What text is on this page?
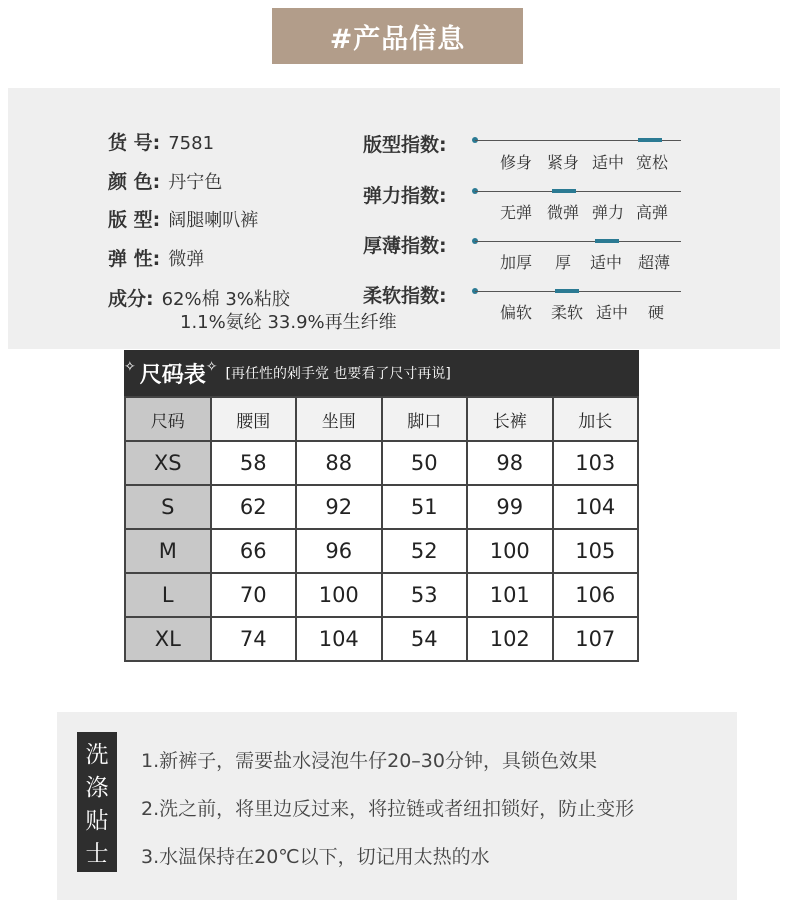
#产品信息
货 号: 7581
颜 色: 丹宁色
版 型: 阔腿喇叭裤
弹 性: 微弹
成分: 62%棉 3%粘胶
1.1%氨纶 33.9%再生纤维
版型指数:
修身 紧身 适中 宽松
弹力指数:
无弹 微弹 弹力 高弹
厚薄指数:
加厚 厚 适中 超薄
柔软指数:
偏软 柔软 适中 硬
✧ 尺码表 ✧ [再任性的剁手党 也要看了尺寸再说]
尺码	腰围	坐围	脚口	长裤	加长
XS	58	88	50	98	103
S	62	92	51	99	104
M	66	96	52	100	105
L	70	100	53	101	106
XL	74	104	54	102	107
洗
涤
贴
士
1.新裤子，需要盐水浸泡牛仔20–30分钟，具锁色效果
2.洗之前，将里边反过来，将拉链或者纽扣锁好，防止变形
3.水温保持在20℃以下，切记用太热的水
